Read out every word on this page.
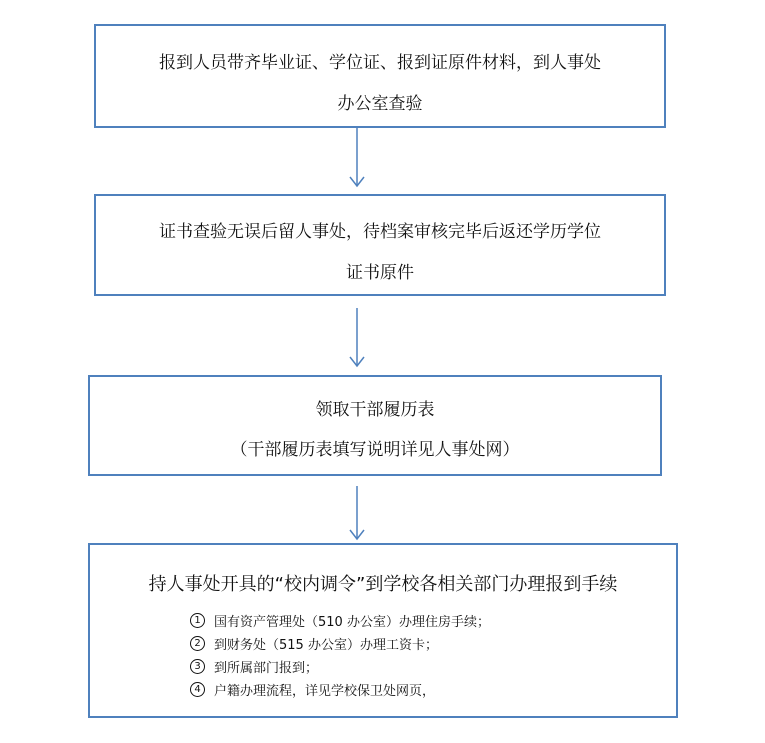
报到人员带齐毕业证、学位证、报到证原件材料，到人事处
办公室查验
证书查验无误后留人事处，待档案审核完毕后返还学历学位
证书原件
领取干部履历表
（干部履历表填写说明详见人事处网）
持人事处开具的“校内调令”到学校各相关部门办理报到手续
1	国有资产管理处（510 办公室）办理住房手续；
2	到财务处（515 办公室）办理工资卡；
3	到所属部门报到；
4	户籍办理流程，详见学校保卫处网页，
